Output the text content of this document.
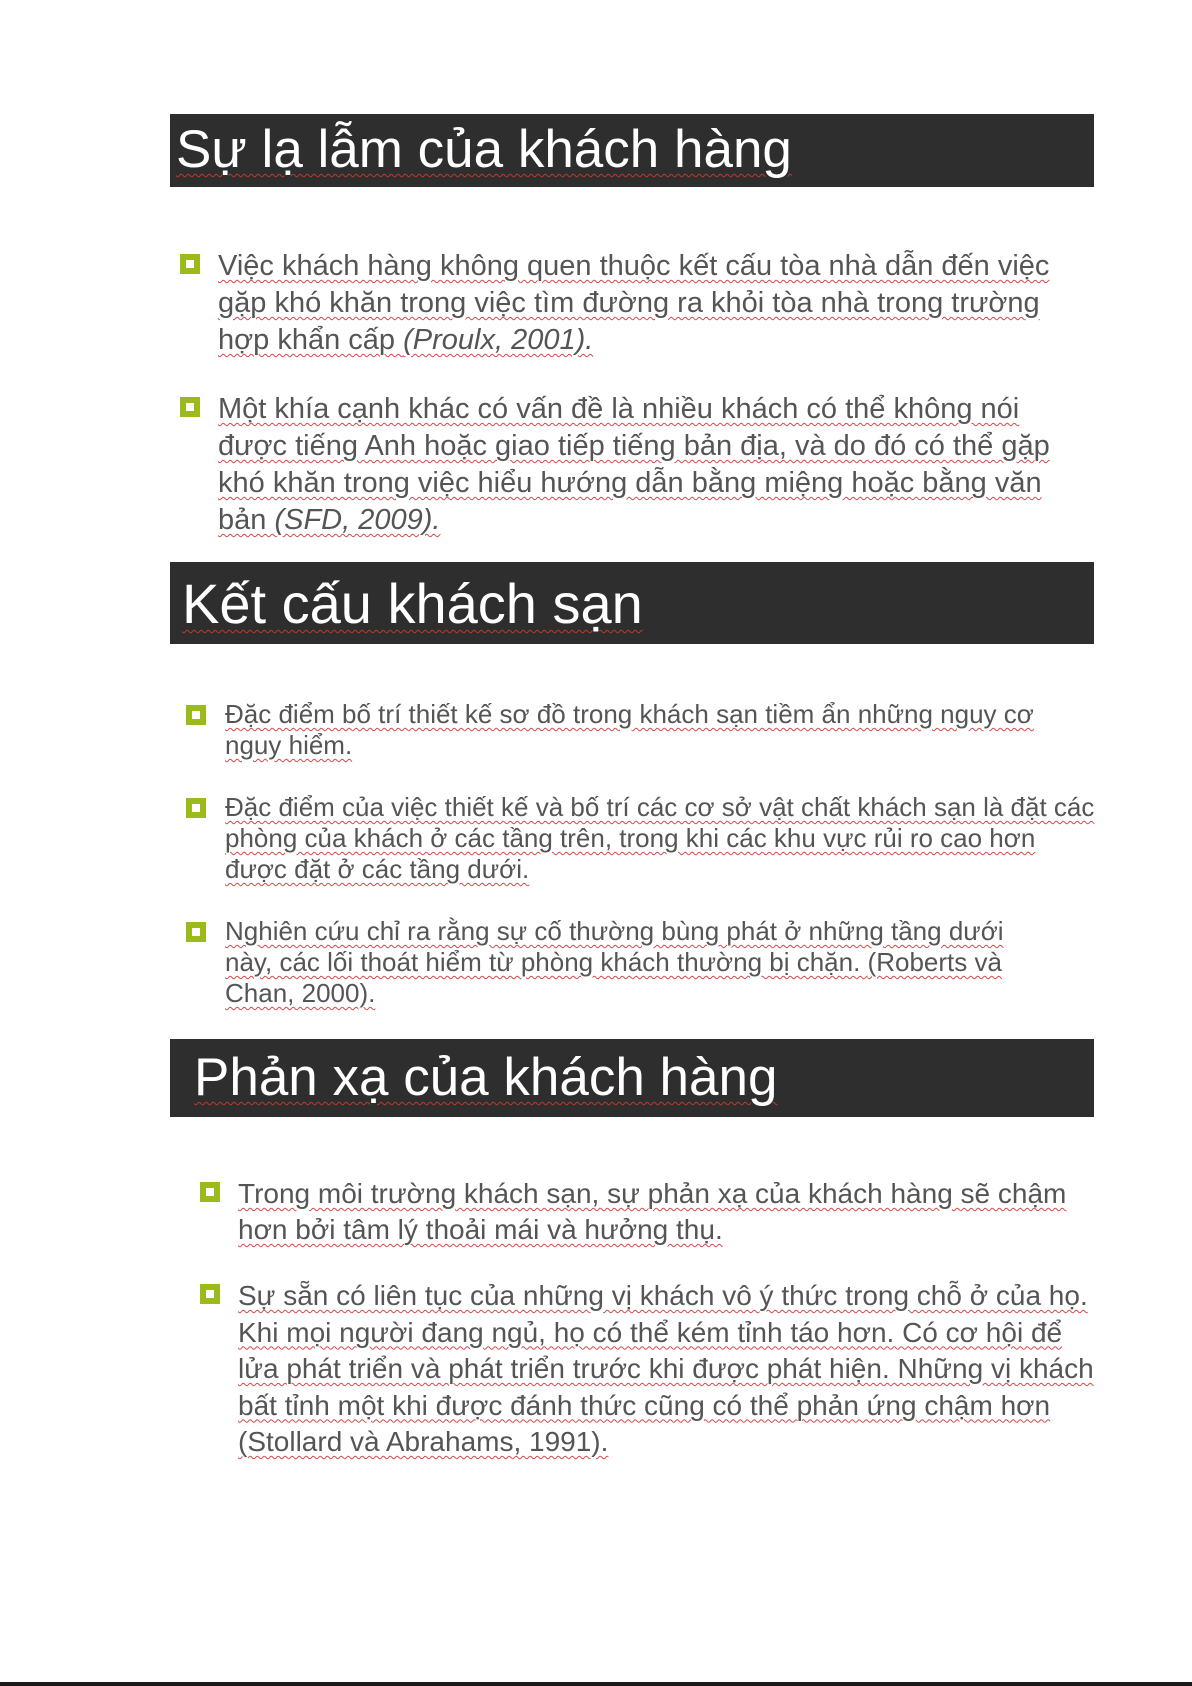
Sự lạ lẫm của khách hàng
Việc khách hàng không quen thuộc kết cấu tòa nhà dẫn đến việc gặp khó khăn trong việc tìm đường ra khỏi tòa nhà trong trường hợp khẩn cấp (Proulx, 2001).
Một khía cạnh khác có vấn đề là nhiều khách có thể không nói được tiếng Anh hoặc giao tiếp tiếng bản địa, và do đó có thể gặp khó khăn trong việc hiểu hướng dẫn bằng miệng hoặc bằng văn bản (SFD, 2009).
Kết cấu khách sạn
Đặc điểm bố trí thiết kế sơ đồ trong khách sạn tiềm ẩn những nguy cơ nguy hiểm.
Đặc điểm của việc thiết kế và bố trí các cơ sở vật chất khách sạn là đặt các phòng của khách ở các tầng trên, trong khi các khu vực rủi ro cao hơn được đặt ở các tầng dưới.
Nghiên cứu chỉ ra rằng sự cố thường bùng phát ở những tầng dưới này, các lối thoát hiểm từ phòng khách thường bị chặn. (Roberts và Chan, 2000).
Phản xạ của khách hàng
Trong môi trường khách sạn, sự phản xạ của khách hàng sẽ chậm hơn bởi tâm lý thoải mái và hưởng thụ.
Sự sẵn có liên tục của những vị khách vô ý thức trong chỗ ở của họ. Khi mọi người đang ngủ, họ có thể kém tỉnh táo hơn. Có cơ hội để lửa phát triển và phát triển trước khi được phát hiện. Những vị khách bất tỉnh một khi được đánh thức cũng có thể phản ứng chậm hơn (Stollard và Abrahams, 1991).
